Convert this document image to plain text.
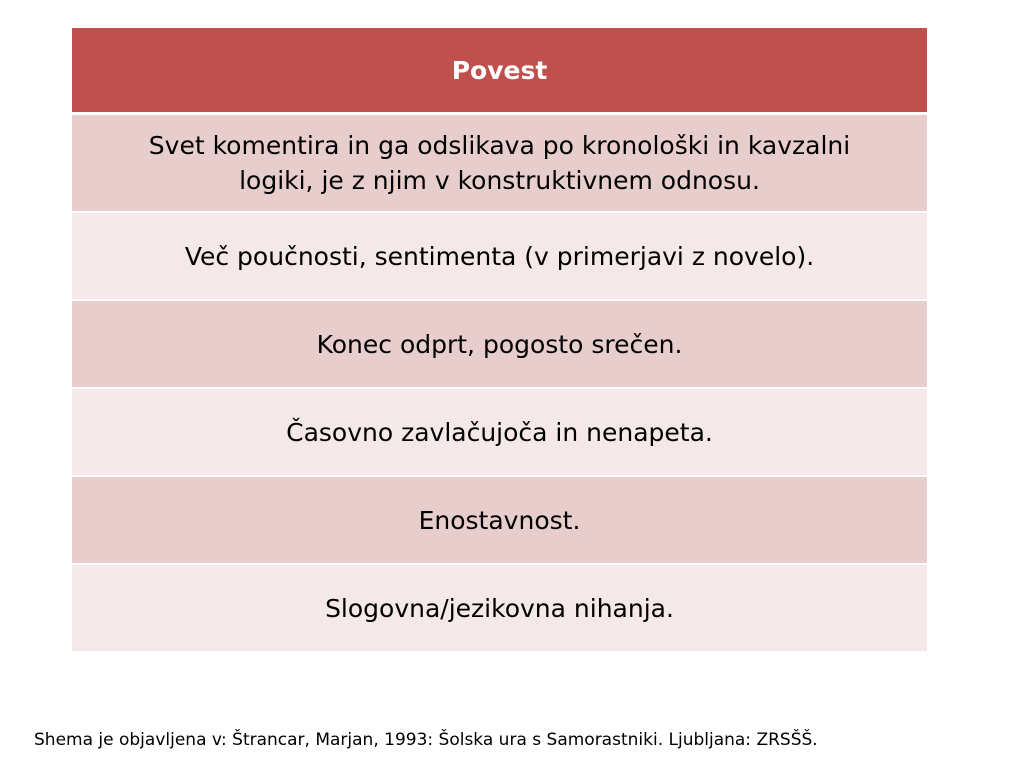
Povest
Svet komentira in ga odslikava po kronološki in kavzalni logiki, je z njim v konstruktivnem odnosu.
Več poučnosti, sentimenta (v primerjavi z novelo).
Konec odprt, pogosto srečen.
Časovno zavlačujoča in nenapeta.
Enostavnost.
Slogovna/jezikovna nihanja.
Shema je objavljena v: Štrancar, Marjan, 1993: Šolska ura s Samorastniki. Ljubljana: ZRSŠŠ.
